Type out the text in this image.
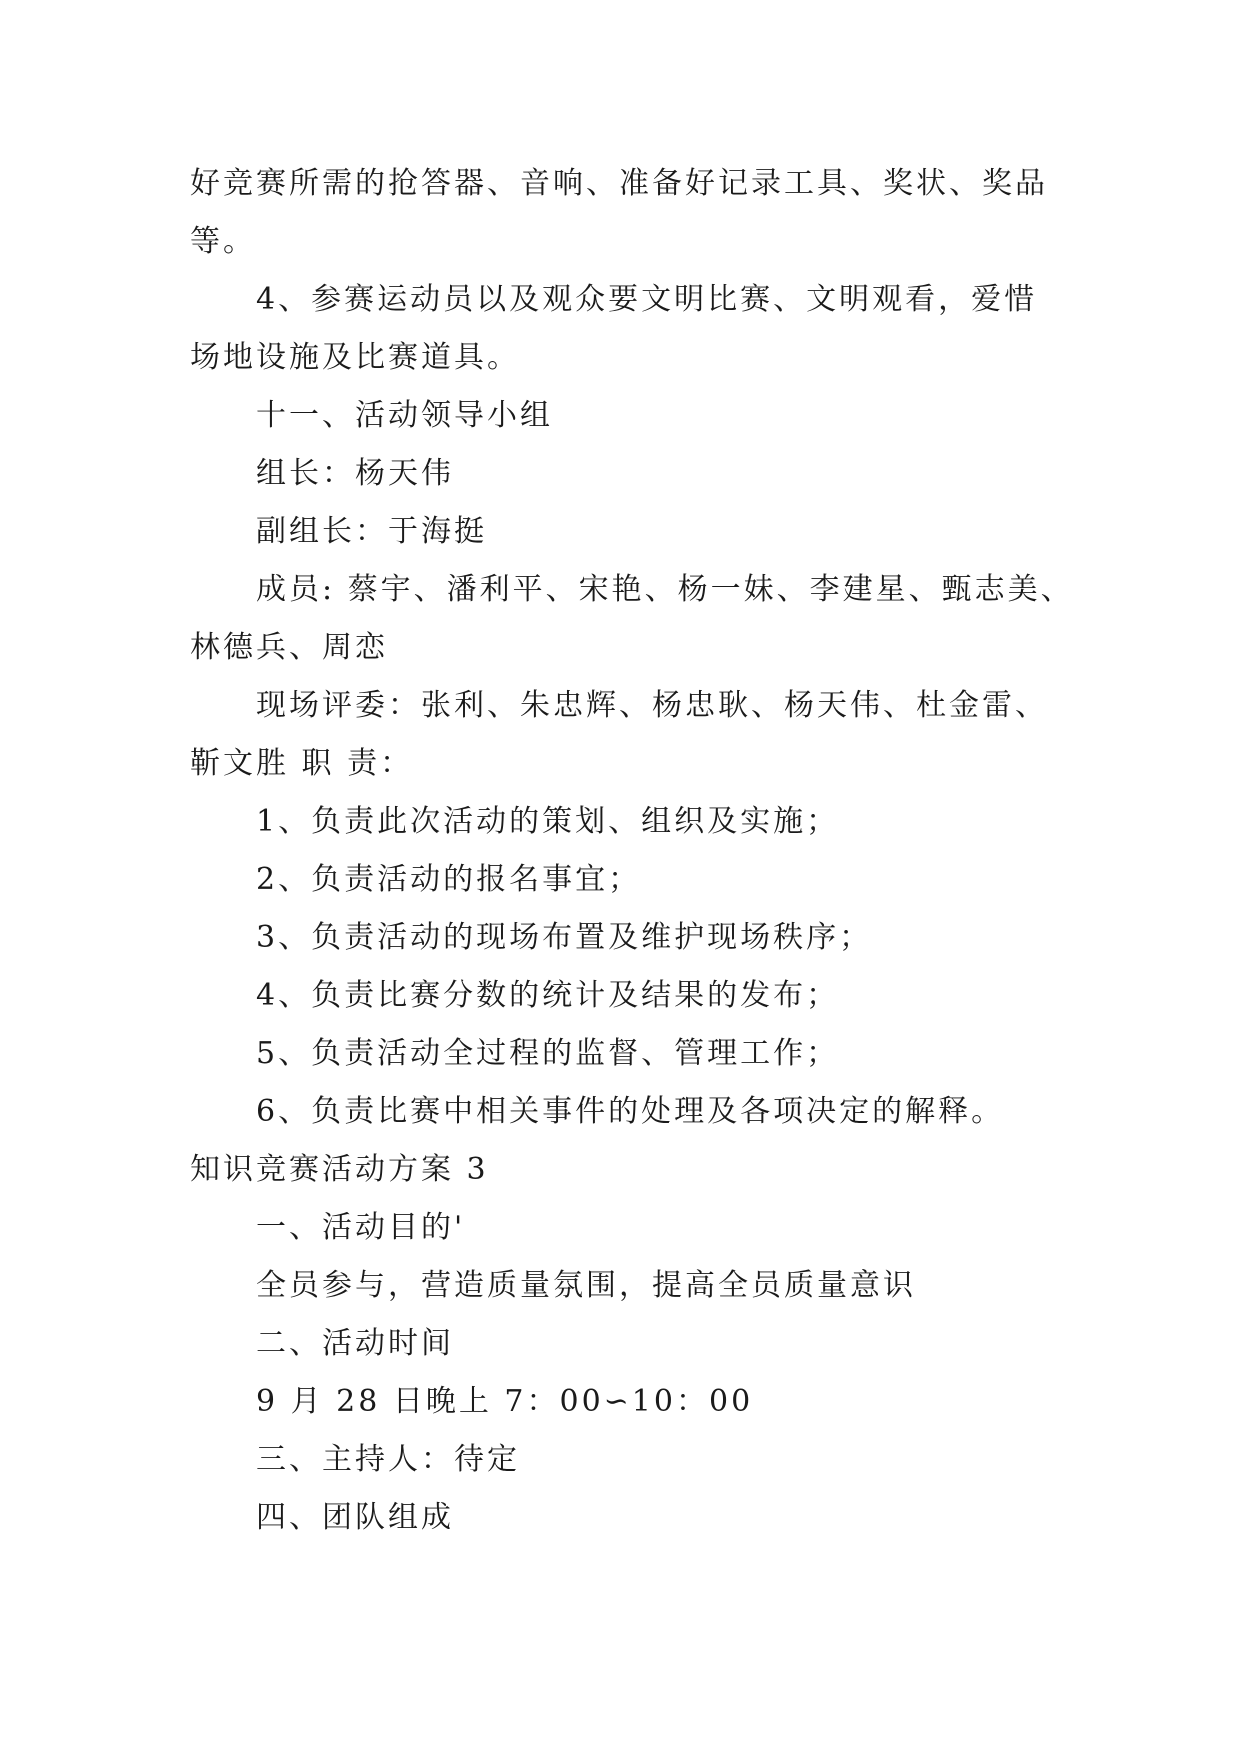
好竞赛所需的抢答器、音响、准备好记录工具、奖状、奖品
等。
4、参赛运动员以及观众要文明比赛、文明观看，爱惜
场地设施及比赛道具。
十一、活动领导小组
组长：杨天伟
副组长：于海挺
成员: 蔡宇、潘利平、宋艳、杨一妹、李建星、甄志美、
林德兵、周恋
现场评委：张利、朱忠辉、杨忠耿、杨天伟、杜金雷、
靳文胜 职 责：
1、负责此次活动的策划、组织及实施；
2、负责活动的报名事宜；
3、负责活动的现场布置及维护现场秩序；
4、负责比赛分数的统计及结果的发布；
5、负责活动全过程的监督、管理工作；
6、负责比赛中相关事件的处理及各项决定的解释。
知识竞赛活动方案 3
一、活动目的'
全员参与，营造质量氛围，提高全员质量意识
二、活动时间
9 月 28 日晚上 7：00∽10：00
三、主持人：待定
四、团队组成
